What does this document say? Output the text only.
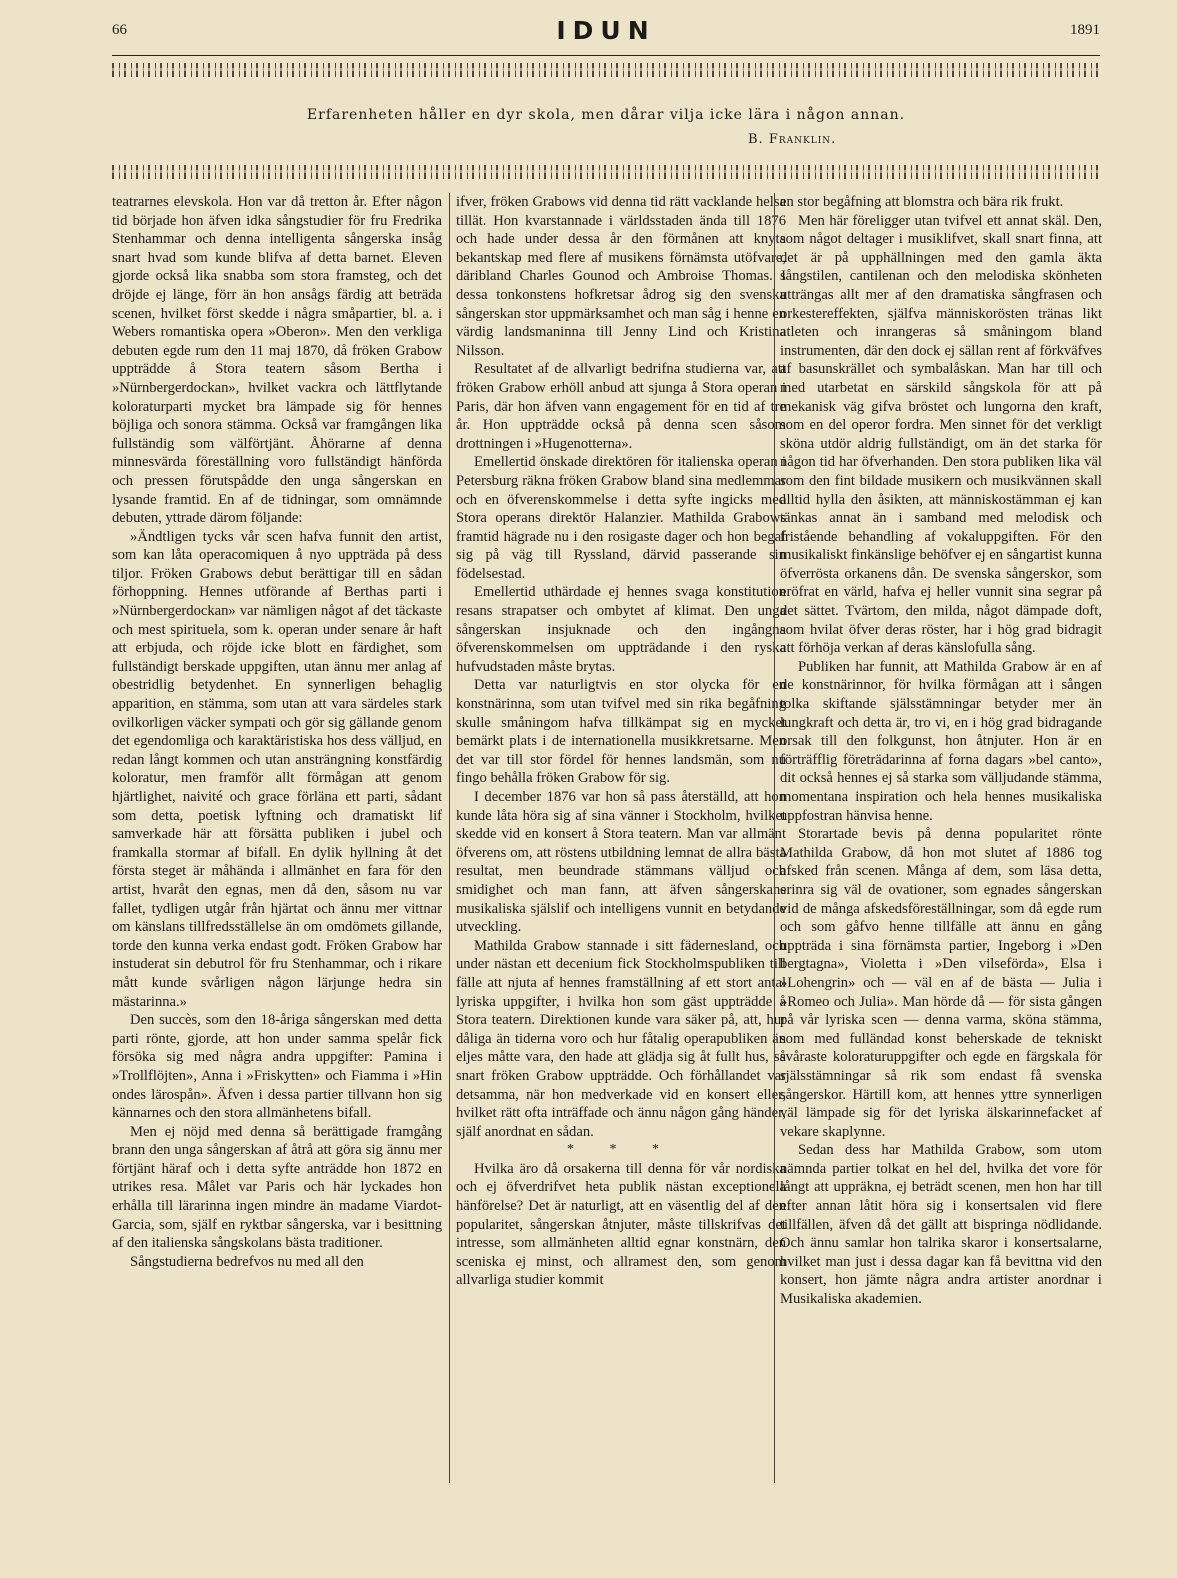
66	IDUN	1891
Erfarenheten håller en dyr skola, men dårar vilja icke lära i någon annan.
B. Franklin.

teatrarnes elevskola. Hon var då tretton år. Efter någon tid började hon äfven idka sångstudier för fru Fredrika Stenhammar och denna intelligenta sångerska insåg snart hvad som kunde blifva af detta barnet. Eleven gjorde också lika snabba som stora framsteg, och det dröjde ej länge, förr än hon ansågs färdig att beträda scenen, hvilket först skedde i några småpartier, bl. a. i Webers romantiska opera »Oberon». Men den verkliga debuten egde rum den 11 maj 1870, då fröken Grabow uppträdde å Stora teatern såsom Bertha i »Nürnbergerdockan», hvilket vackra och lättflytande koloraturparti mycket bra lämpade sig för hennes böjliga och sonora stämma. Också var framgången lika fullständig som välförtjänt. Åhörarne af denna minnesvärda föreställning voro fullständigt hänförda och pressen förutspådde den unga sångerskan en lysande framtid. En af de tidningar, som omnämnde debuten, yttrade därom följande:

»Ändtligen tycks vår scen hafva funnit den artist, som kan låta operacomiquen å nyo uppträda på dess tiljor. Fröken Grabows debut berättigar till en sådan förhoppning. Hennes utförande af Berthas parti i »Nürnbergerdockan» var nämligen något af det täckaste och mest spirituela, som k. operan under senare år haft att erbjuda, och röjde icke blott en färdighet, som fullständigt berskade uppgiften, utan ännu mer anlag af obestridlig betydenhet. En synnerligen behaglig apparition, en stämma, som utan att vara särdeles stark ovilkorligen väcker sympati och gör sig gällande genom det egendomliga och karaktäristiska hos dess välljud, en redan långt kommen och utan ansträngning konstfärdig koloratur, men framför allt förmågan att genom hjärtlighet, naivité och grace förläna ett parti, sådant som detta, poetisk lyftning och dramatiskt lif samverkade här att försätta publiken i jubel och framkalla stormar af bifall. En dylik hyllning åt det första steget är måhända i allmänhet en fara för den artist, hvaråt den egnas, men då den, såsom nu var fallet, tydligen utgår från hjärtat och ännu mer vittnar om känslans tillfredsställelse än om omdömets gillande, torde den kunna verka endast godt. Fröken Grabow har instuderat sin debutrol för fru Stenhammar, och i rikare mått kunde svårligen någon lärjunge hedra sin mästarinna.»

Den succès, som den 18-åriga sångerskan med detta parti rönte, gjorde, att hon under samma spelår fick försöka sig med några andra uppgifter: Pamina i »Trollflöjten», Anna i »Friskytten» och Fiamma i »Hin ondes lärospån». Äfven i dessa partier tillvann hon sig kännarnes och den stora allmänhetens bifall.

Men ej nöjd med denna så berättigade framgång brann den unga sångerskan af åtrå att göra sig ännu mer förtjänt häraf och i detta syfte anträdde hon 1872 en utrikes resa. Målet var Paris och här lyckades hon erhålla till lärarinna ingen mindre än madame Viardot-Garcia, som, själf en ryktbar sångerska, var i besittning af den italienska sångskolans bästa traditioner.

Sångstudierna bedrefvos nu med all den

ifver, fröken Grabows vid denna tid rätt vacklande helsa tillät. Hon kvarstannade i världsstaden ända till 1876 och hade under dessa år den förmånen att knyta bekantskap med flere af musikens förnämsta utöfvare, däribland Charles Gounod och Ambroise Thomas. I dessa tonkonstens hofkretsar ådrog sig den svenska sångerskan stor uppmärksamhet och man såg i henne en värdig landsmaninna till Jenny Lind och Kristina Nilsson.

Resultatet af de allvarligt bedrifna studierna var, att fröken Grabow erhöll anbud att sjunga å Stora operan i Paris, där hon äfven vann engagement för en tid af tre år. Hon uppträdde också på denna scen såsom drottningen i »Hugenotterna».

Emellertid önskade direktören för italienska operan i Petersburg räkna fröken Grabow bland sina medlemmar och en öfverenskommelse i detta syfte ingicks med Stora operans direktör Halanzier. Mathilda Grabows framtid hägrade nu i den rosigaste dager och hon begaf sig på väg till Ryssland, därvid passerande sin födelsestad.

Emellertid uthärdade ej hennes svaga konstitution resans strapatser och ombytet af klimat. Den unga sångerskan insjuknade och den ingångna öfverenskommelsen om uppträdande i den ryska hufvudstaden måste brytas.

Detta var naturligtvis en stor olycka för en konstnärinna, som utan tvifvel med sin rika begåfning skulle småningom hafva tillkämpat sig en mycket bemärkt plats i de internationella musikkretsarne. Men det var till stor fördel för hennes landsmän, som nu fingo behålla fröken Grabow för sig.

I december 1876 var hon så pass återställd, att hon kunde låta höra sig af sina vänner i Stockholm, hvilket skedde vid en konsert å Stora teatern. Man var allmänt öfverens om, att röstens utbildning lemnat de allra bästa resultat, men beundrade stämmans välljud och smidighet och man fann, att äfven sångerskans musikaliska själslif och intelligens vunnit en betydande utveckling.

Mathilda Grabow stannade i sitt fädernesland, och under nästan ett decenium fick Stockholmspubliken till fälle att njuta af hennes framställning af ett stort antal lyriska uppgifter, i hvilka hon som gäst uppträdde å Stora teatern. Direktionen kunde vara säker på, att, hur dåliga än tiderna voro och hur fåtalig operapubliken än eljes måtte vara, den hade att glädja sig åt fullt hus, så snart fröken Grabow uppträdde. Och förhållandet var detsamma, när hon medverkade vid en konsert eller, hvilket rätt ofta inträffade och ännu någon gång händer, själf anordnat en sådan.

* * *

Hvilka äro då orsakerna till denna för vår nordiska och ej öfverdrifvet heta publik nästan exceptionela hänförelse? Det är naturligt, att en väsentlig del af den popularitet, sångerskan åtnjuter, måste tillskrifvas det intresse, som allmänheten alltid egnar konstnärn, den sceniska ej minst, och allramest den, som genom allvarliga studier kommit

en stor begåfning att blomstra och bära rik frukt.

Men här föreligger utan tvifvel ett annat skäl. Den, som något deltager i musiklifvet, skall snart finna, att det är på upphällningen med den gamla äkta sångstilen, cantilenan och den melodiska skönheten utträngas allt mer af den dramatiska sångfrasen och orkestereffekten, själfva människorösten tränas likt atleten och inrangeras så småningom bland instrumenten, där den dock ej sällan rent af förkväfves af basunskrället och symbalåskan. Man har till och med utarbetat en särskild sångskola för att på mekanisk väg gifva bröstet och lungorna den kraft, som en del operor fordra. Men sinnet för det verkligt sköna utdör aldrig fullständigt, om än det starka för någon tid har öfverhanden. Den stora publiken lika väl som den fint bildade musikern och musikvännen skall alltid hylla den åsikten, att människostämman ej kan tänkas annat än i samband med melodisk och fristående behandling af vokaluppgiften. För den musikaliskt finkänslige behöfver ej en sångartist kunna öfverrösta orkanens dån. De svenska sångerskor, som eröfrat en värld, hafva ej heller vunnit sina segrar på det sättet. Tvärtom, den milda, något dämpade doft, som hvilat öfver deras röster, har i hög grad bidragit att förhöja verkan af deras känslofulla sång.

Publiken har funnit, att Mathilda Grabow är en af de konstnärinnor, för hvilka förmågan att i sången tolka skiftande själsstämningar betyder mer än lungkraft och detta är, tro vi, en i hög grad bidragande orsak till den folkgunst, hon åtnjuter. Hon är en förträfflig företrädarinna af forna dagars »bel canto», dit också hennes ej så starka som välljudande stämma, momentana inspiration och hela hennes musikaliska uppfostran hänvisa henne.

Storartade bevis på denna popularitet rönte Mathilda Grabow, då hon mot slutet af 1886 tog afsked från scenen. Många af dem, som läsa detta, erinra sig väl de ovationer, som egnades sångerskan vid de många afskedsföreställningar, som då egde rum och som gåfvo henne tillfälle att ännu en gång uppträda i sina förnämsta partier, Ingeborg i »Den bergtagna», Violetta i »Den vilseförda», Elsa i »Lohengrin» och — väl en af de bästa — Julia i »Romeo och Julia». Man hörde då — för sista gången på vår lyriska scen — denna varma, sköna stämma, som med fulländad konst beherskade de tekniskt svåraste koloraturuppgifter och egde en färgskala för själsstämningar så rik som endast få svenska sångerskor. Härtill kom, att hennes yttre synnerligen väl lämpade sig för det lyriska älskarinnefacket af vekare skaplynne.

Sedan dess har Mathilda Grabow, som utom nämnda partier tolkat en hel del, hvilka det vore för långt att uppräkna, ej beträdt scenen, men hon har till efter annan låtit höra sig i konsertsalen vid flere tillfällen, äfven då det gällt att bispringa nödlidande. Och ännu samlar hon talrika skaror i konsertsalarne, hvilket man just i dessa dagar kan få bevittna vid den konsert, hon jämte några andra artister anordnar i Musikaliska akademien.
